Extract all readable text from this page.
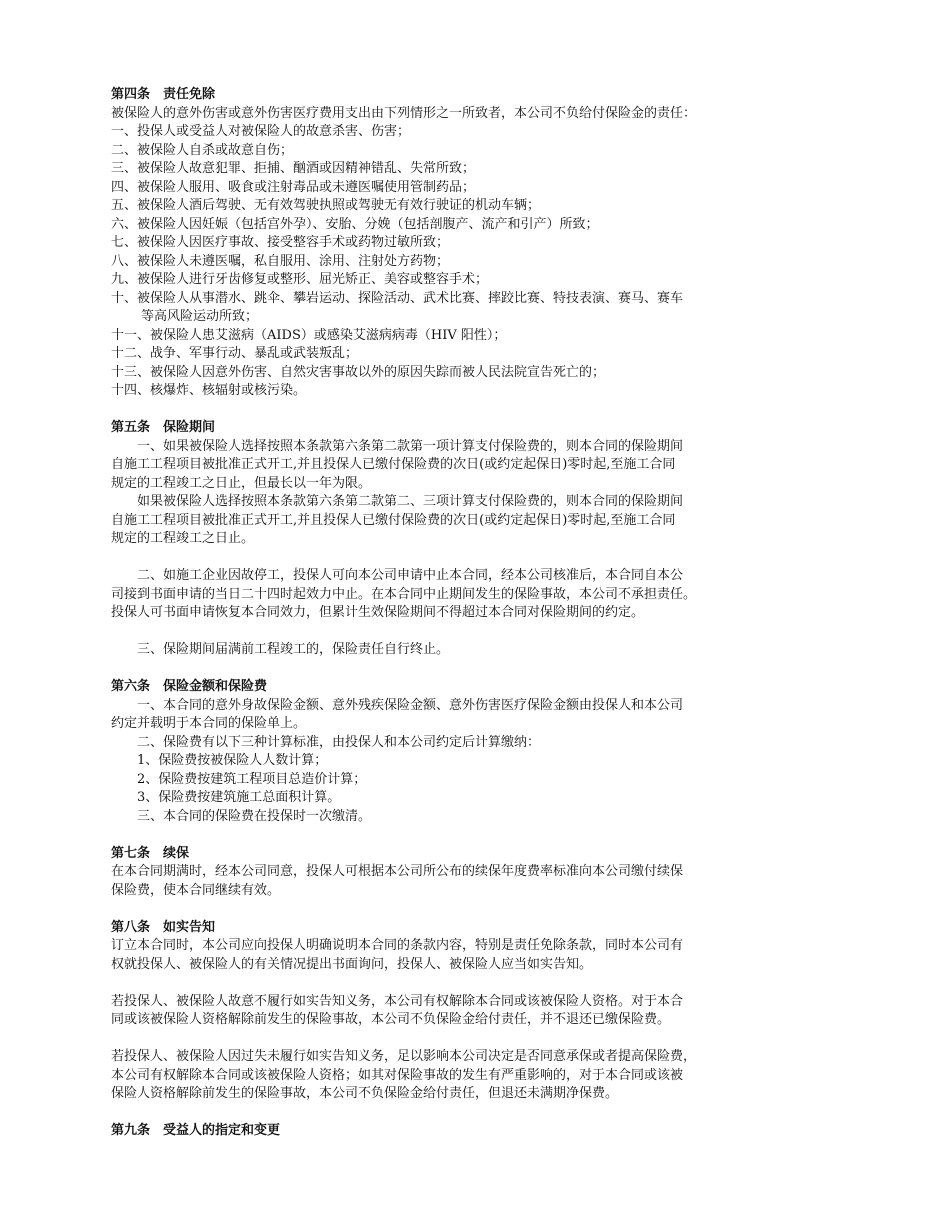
第四条　责任免除

被保险人的意外伤害或意外伤害医疗费用支出由下列情形之一所致者，本公司不负给付保险金的责任：

一、投保人或受益人对被保险人的故意杀害、伤害；

二、被保险人自杀或故意自伤；

三、被保险人故意犯罪、拒捕、酗酒或因精神错乱、失常所致；

四、被保险人服用、吸食或注射毒品或未遵医嘱使用管制药品；

五、被保险人酒后驾驶、无有效驾驶执照或驾驶无有效行驶证的机动车辆；

六、被保险人因妊娠（包括宫外孕）、安胎、分娩（包括剖腹产、流产和引产）所致；

七、被保险人因医疗事故、接受整容手术或药物过敏所致；

八、被保险人未遵医嘱，私自服用、涂用、注射处方药物；

九、被保险人进行牙齿修复或整形、屈光矫正、美容或整容手术；

十、被保险人从事潜水、跳伞、攀岩运动、探险活动、武术比赛、摔跤比赛、特技表演、赛马、赛车

等高风险运动所致；

十一、被保险人患艾滋病（AIDS）或感染艾滋病病毒（HIV 阳性）；

十二、战争、军事行动、暴乱或武装叛乱；

十三、被保险人因意外伤害、自然灾害事故以外的原因失踪而被人民法院宣告死亡的；

十四、核爆炸、核辐射或核污染。

第五条　保险期间

一、如果被保险人选择按照本条款第六条第二款第一项计算支付保险费的，则本合同的保险期间

自施工工程项目被批准正式开工,并且投保人已缴付保险费的次日(或约定起保日)零时起,至施工合同

规定的工程竣工之日止，但最长以一年为限。

如果被保险人选择按照本条款第六条第二款第二、三项计算支付保险费的，则本合同的保险期间

自施工工程项目被批准正式开工,并且投保人已缴付保险费的次日(或约定起保日)零时起,至施工合同

规定的工程竣工之日止。

二、如施工企业因故停工，投保人可向本公司申请中止本合同，经本公司核准后，本合同自本公

司接到书面申请的当日二十四时起效力中止。在本合同中止期间发生的保险事故，本公司不承担责任。

投保人可书面申请恢复本合同效力，但累计生效保险期间不得超过本合同对保险期间的约定。

三、保险期间届满前工程竣工的，保险责任自行终止。

第六条　保险金额和保险费

一、本合同的意外身故保险金额、意外残疾保险金额、意外伤害医疗保险金额由投保人和本公司

约定并载明于本合同的保险单上。

二、保险费有以下三种计算标准，由投保人和本公司约定后计算缴纳：

1、保险费按被保险人人数计算；

2、保险费按建筑工程项目总造价计算；

3、保险费按建筑施工总面积计算。

三、本合同的保险费在投保时一次缴清。

第七条　续保

在本合同期满时，经本公司同意，投保人可根据本公司所公布的续保年度费率标准向本公司缴付续保

保险费，使本合同继续有效。

第八条　如实告知

订立本合同时，本公司应向投保人明确说明本合同的条款内容，特别是责任免除条款，同时本公司有

权就投保人、被保险人的有关情况提出书面询问，投保人、被保险人应当如实告知。

若投保人、被保险人故意不履行如实告知义务，本公司有权解除本合同或该被保险人资格。对于本合

同或该被保险人资格解除前发生的保险事故，本公司不负保险金给付责任，并不退还已缴保险费。

若投保人、被保险人因过失未履行如实告知义务，足以影响本公司决定是否同意承保或者提高保险费，

本公司有权解除本合同或该被保险人资格；如其对保险事故的发生有严重影响的，对于本合同或该被

保险人资格解除前发生的保险事故，本公司不负保险金给付责任，但退还未满期净保费。

第九条　受益人的指定和变更
